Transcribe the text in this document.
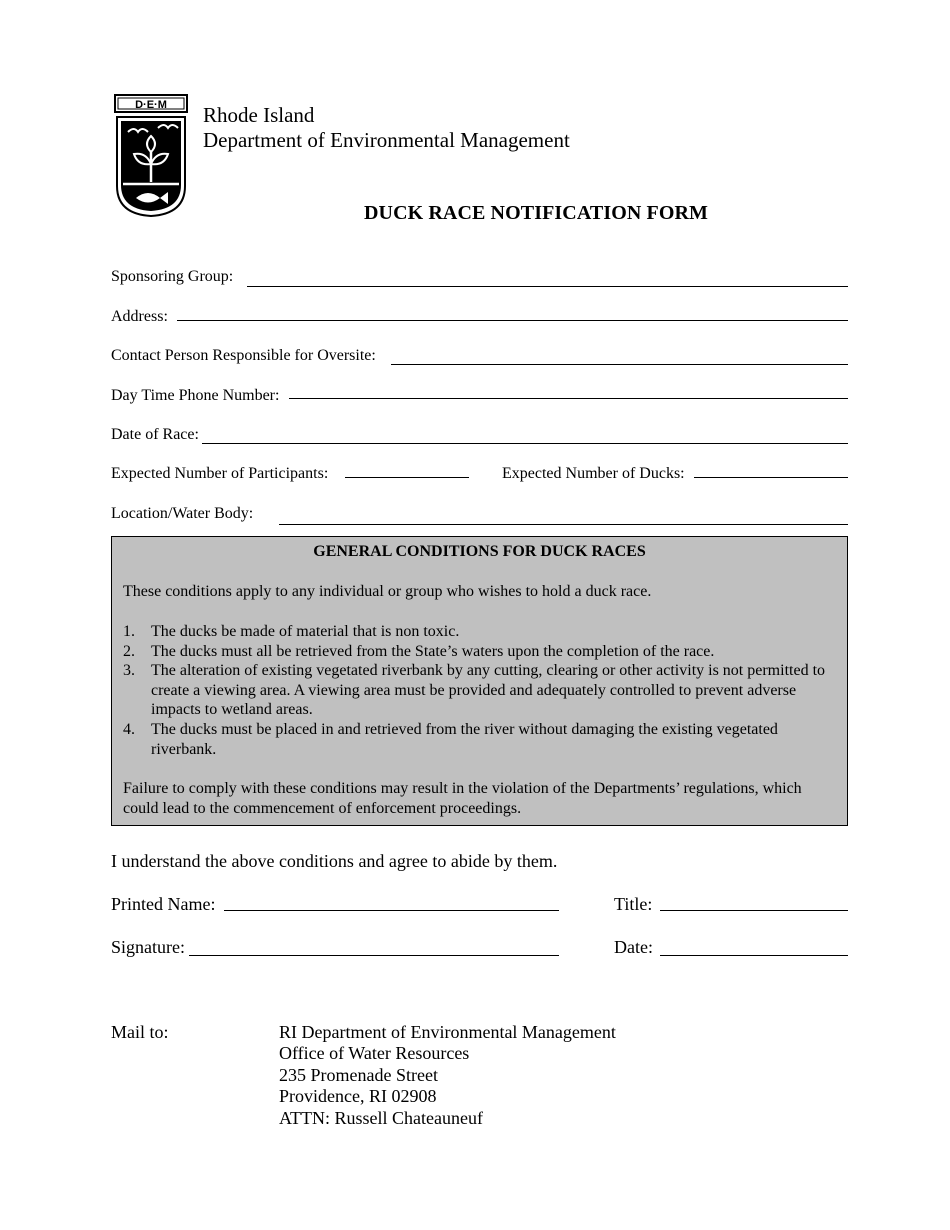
D·E·M Rhode Island
Department of Environmental Management
DUCK RACE NOTIFICATION FORM
Sponsoring Group:
Address:
Contact Person Responsible for Oversite:
Day Time Phone Number:
Date of Race:
Expected Number of Participants:	Expected Number of Ducks:
Location/Water Body:
GENERAL CONDITIONS FOR DUCK RACES
These conditions apply to any individual or group who wishes to hold a duck race.
1. The ducks be made of material that is non toxic.
2. The ducks must all be retrieved from the State’s waters upon the completion of the race.
3. The alteration of existing vegetated riverbank by any cutting, clearing or other activity is not permitted to create a viewing area. A viewing area must be provided and adequately controlled to prevent adverse impacts to wetland areas.
4. The ducks must be placed in and retrieved from the river without damaging the existing vegetated riverbank.
Failure to comply with these conditions may result in the violation of the Departments’ regulations, which could lead to the commencement of enforcement proceedings.
I understand the above conditions and agree to abide by them.
Printed Name:	Title:
Signature:	Date:
Mail to:	RI Department of Environmental Management
Office of Water Resources
235 Promenade Street
Providence, RI 02908
ATTN: Russell Chateauneuf
